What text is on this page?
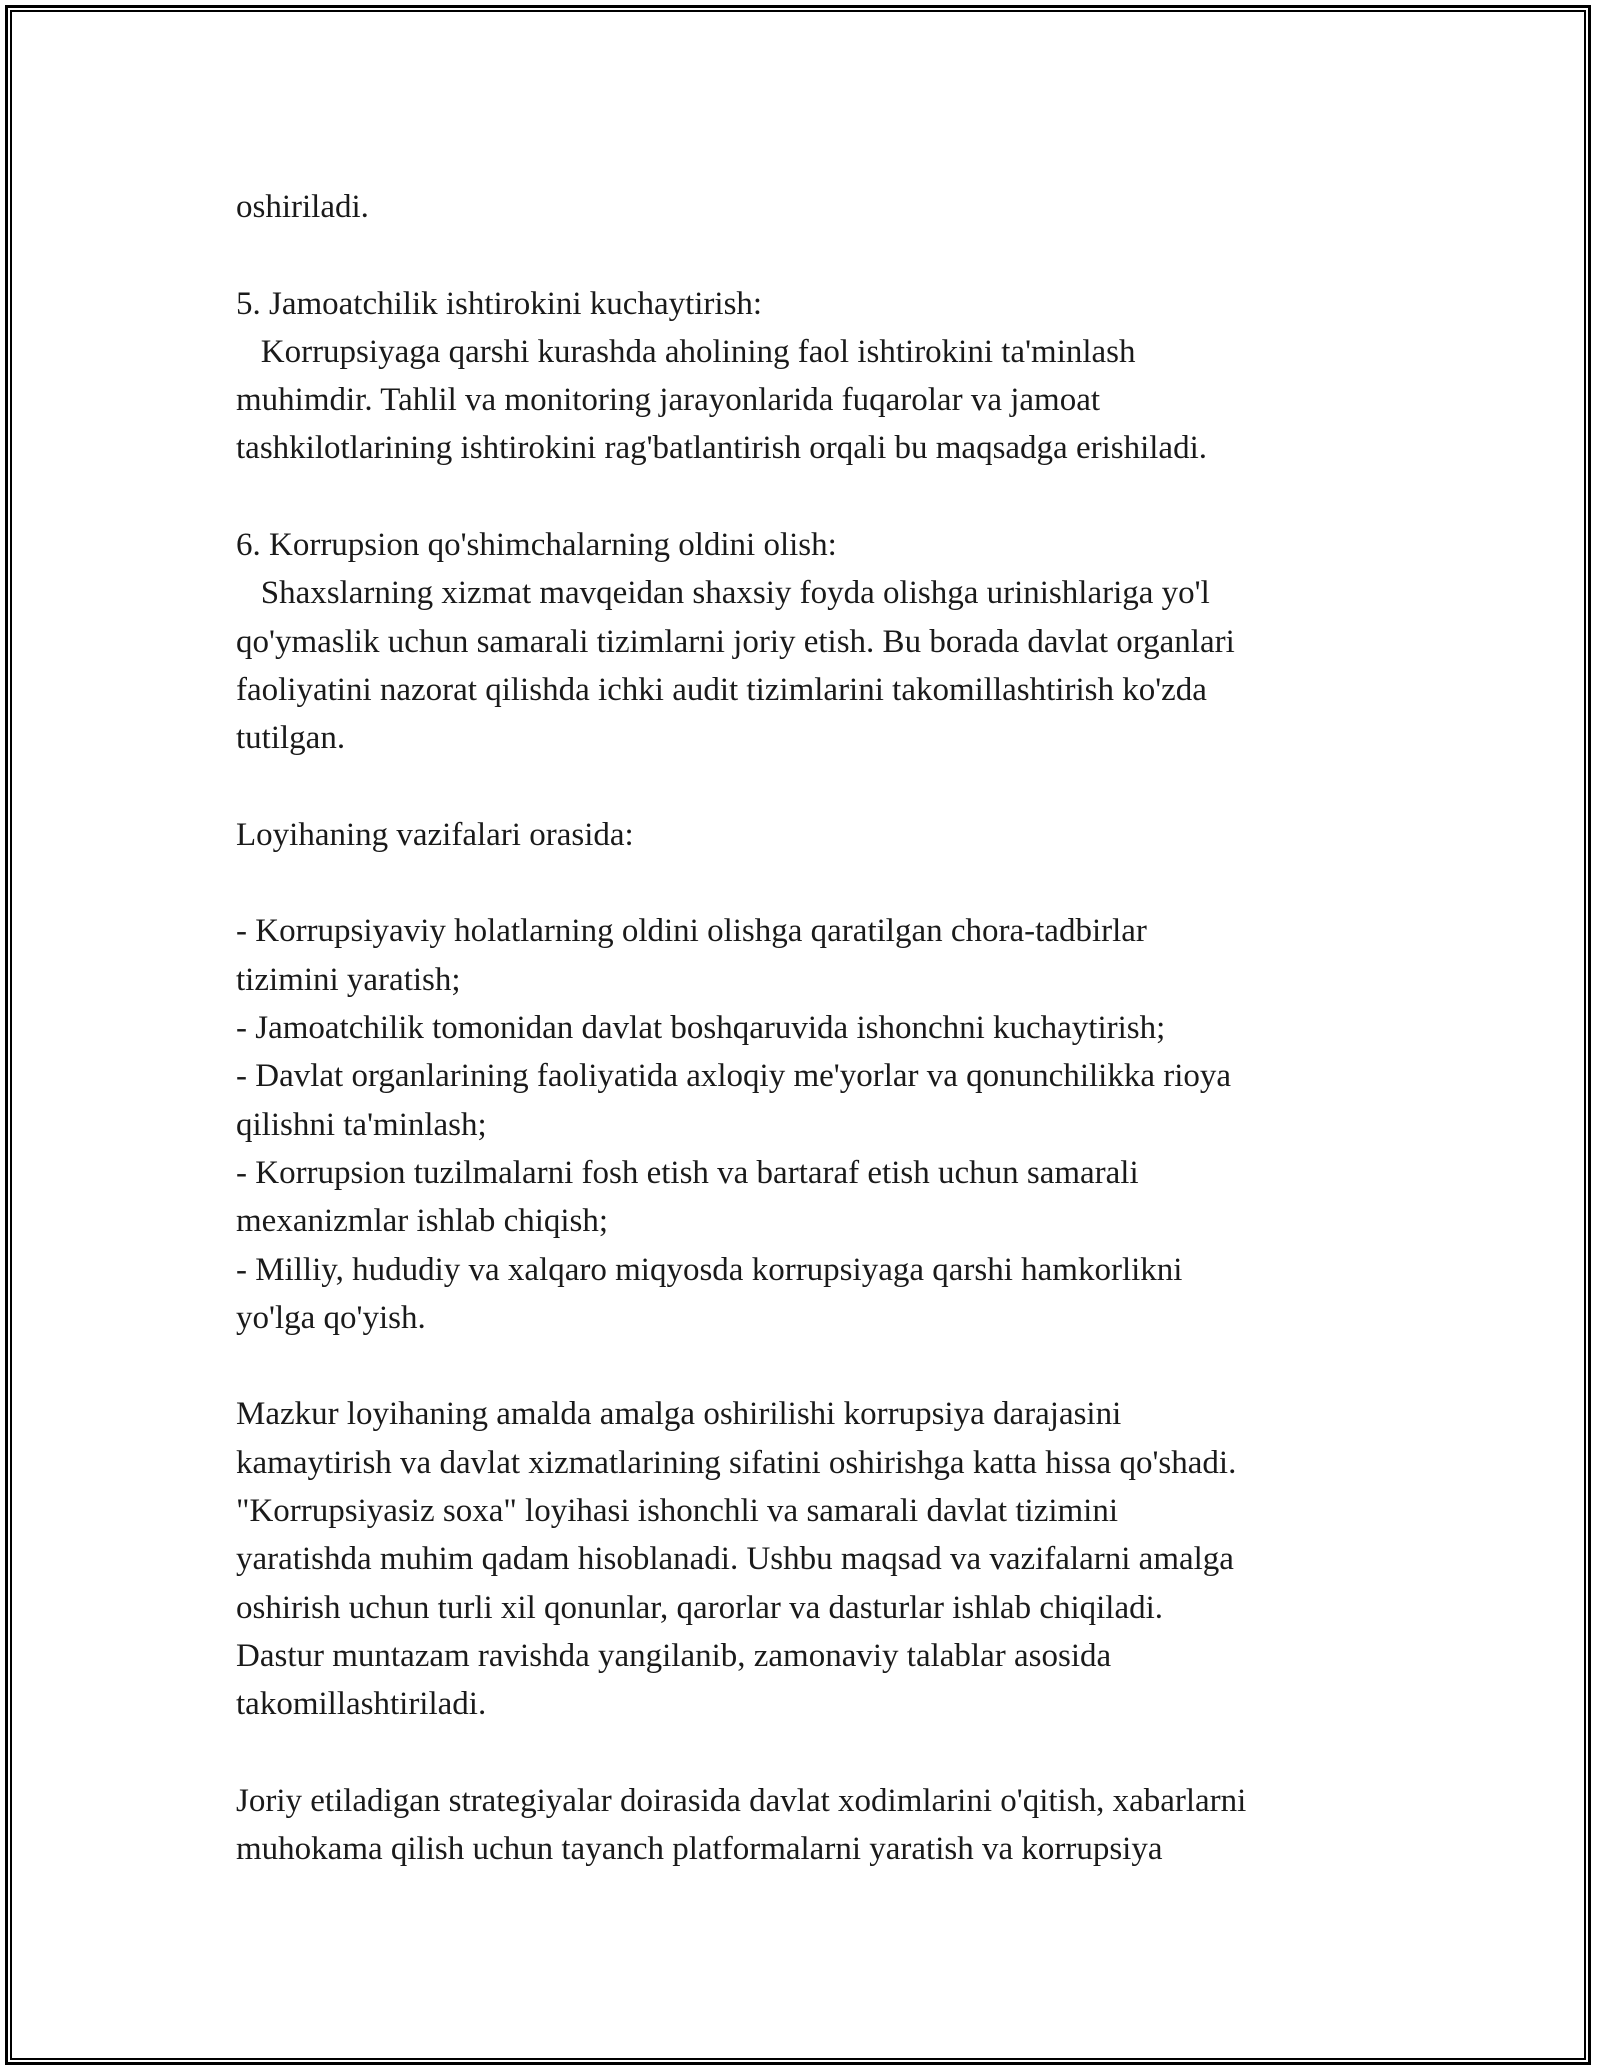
oshiriladi.
5. Jamoatchilik ishtirokini kuchaytirish:
Korrupsiyaga qarshi kurashda aholining faol ishtirokini ta'minlash
muhimdir. Tahlil va monitoring jarayonlarida fuqarolar va jamoat
tashkilotlarining ishtirokini rag'batlantirish orqali bu maqsadga erishiladi.
6. Korrupsion qo'shimchalarning oldini olish:
Shaxslarning xizmat mavqeidan shaxsiy foyda olishga urinishlariga yo'l
qo'ymaslik uchun samarali tizimlarni joriy etish. Bu borada davlat organlari
faoliyatini nazorat qilishda ichki audit tizimlarini takomillashtirish ko'zda
tutilgan.
Loyihaning vazifalari orasida:
- Korrupsiyaviy holatlarning oldini olishga qaratilgan chora-tadbirlar
tizimini yaratish;
- Jamoatchilik tomonidan davlat boshqaruvida ishonchni kuchaytirish;
- Davlat organlarining faoliyatida axloqiy me'yorlar va qonunchilikka rioya
qilishni ta'minlash;
- Korrupsion tuzilmalarni fosh etish va bartaraf etish uchun samarali
mexanizmlar ishlab chiqish;
- Milliy, hududiy va xalqaro miqyosda korrupsiyaga qarshi hamkorlikni
yo'lga qo'yish.
Mazkur loyihaning amalda amalga oshirilishi korrupsiya darajasini
kamaytirish va davlat xizmatlarining sifatini oshirishga katta hissa qo'shadi.
"Korrupsiyasiz soxa" loyihasi ishonchli va samarali davlat tizimini
yaratishda muhim qadam hisoblanadi. Ushbu maqsad va vazifalarni amalga
oshirish uchun turli xil qonunlar, qarorlar va dasturlar ishlab chiqiladi.
Dastur muntazam ravishda yangilanib, zamonaviy talablar asosida
takomillashtiriladi.
Joriy etiladigan strategiyalar doirasida davlat xodimlarini o'qitish, xabarlarni
muhokama qilish uchun tayanch platformalarni yaratish va korrupsiya
